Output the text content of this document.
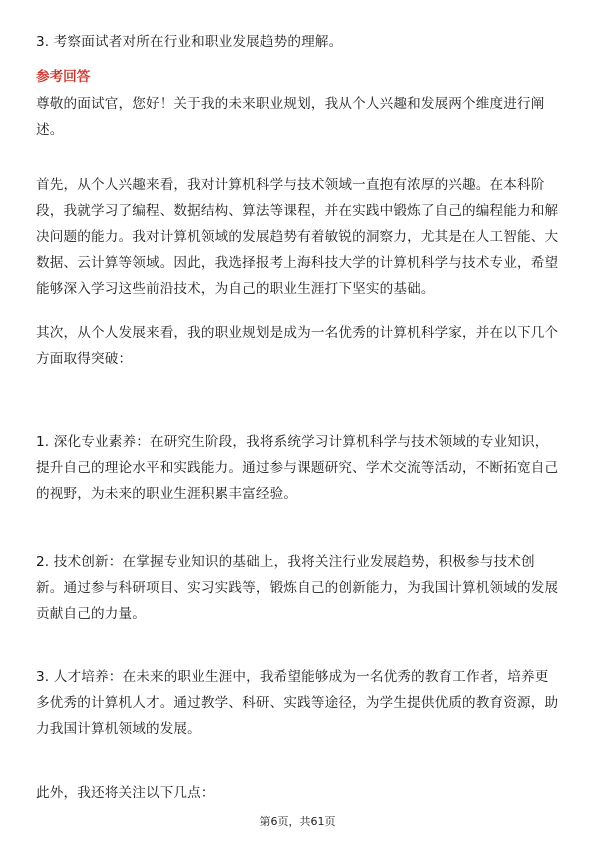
3. 考察面试者对所在行业和职业发展趋势的理解。

参考回答

尊敬的面试官，您好！关于我的未来职业规划，我从个人兴趣和发展两个维度进行阐述。

首先，从个人兴趣来看，我对计算机科学与技术领域一直抱有浓厚的兴趣。在本科阶段，我就学习了编程、数据结构、算法等课程，并在实践中锻炼了自己的编程能力和解决问题的能力。我对计算机领域的发展趋势有着敏锐的洞察力，尤其是在人工智能、大数据、云计算等领域。因此，我选择报考上海科技大学的计算机科学与技术专业，希望能够深入学习这些前沿技术，为自己的职业生涯打下坚实的基础。

其次，从个人发展来看，我的职业规划是成为一名优秀的计算机科学家，并在以下几个方面取得突破：

1. 深化专业素养：在研究生阶段，我将系统学习计算机科学与技术领域的专业知识，提升自己的理论水平和实践能力。通过参与课题研究、学术交流等活动，不断拓宽自己的视野，为未来的职业生涯积累丰富经验。

2. 技术创新：在掌握专业知识的基础上，我将关注行业发展趋势，积极参与技术创新。通过参与科研项目、实习实践等，锻炼自己的创新能力，为我国计算机领域的发展贡献自己的力量。

3. 人才培养：在未来的职业生涯中，我希望能够成为一名优秀的教育工作者，培养更多优秀的计算机人才。通过教学、科研、实践等途径，为学生提供优质的教育资源，助力我国计算机领域的发展。

此外，我还将关注以下几点：

第6页，共61页
